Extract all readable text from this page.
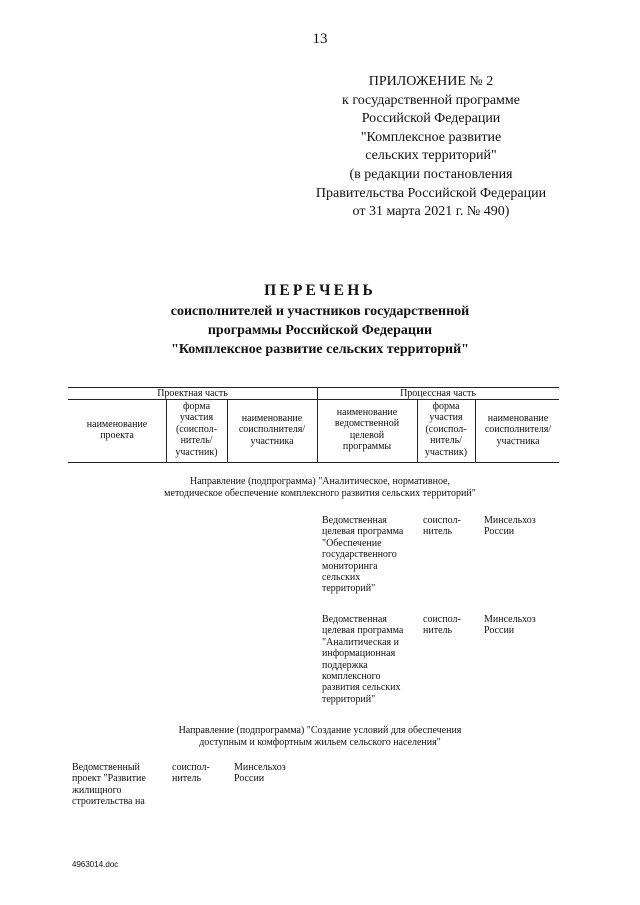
13
ПРИЛОЖЕНИЕ № 2
к государственной программе
Российской Федерации
"Комплексное развитие
сельских территорий"
(в редакции постановления
Правительства Российской Федерации
от 31 марта 2021 г. № 490)
ПЕРЕЧЕНЬ
соисполнителей и участников государственной
программы Российской Федерации
"Комплексное развитие сельских территорий"
Проектная часть	Процессная часть
наименование
проекта
форма
участия
(соиспол-
нитель/
участник)
наименование
соисполнителя/
участника
наименование
ведомственной
целевой
программы
форма
участия
(соиспол-
нитель/
участник)
наименование
соисполнителя/
участника
Направление (подпрограмма) "Аналитическое, нормативное,
методическое обеспечение комплексного развития сельских территорий"
Ведомственная
целевая программа
"Обеспечение
государственного
мониторинга
сельских
территорий"
соиспол-
нитель
Минсельхоз
России
Ведомственная
целевая программа
"Аналитическая и
информационная
поддержка
комплексного
развития сельских
территорий"
соиспол-
нитель
Минсельхоз
России
Направление (подпрограмма) "Создание условий для обеспечения
доступным и комфортным жильем сельского населения"
Ведомственный
проект "Развитие
жилищного
строительства на
соиспол-
нитель
Минсельхоз
России
4963014.doc
